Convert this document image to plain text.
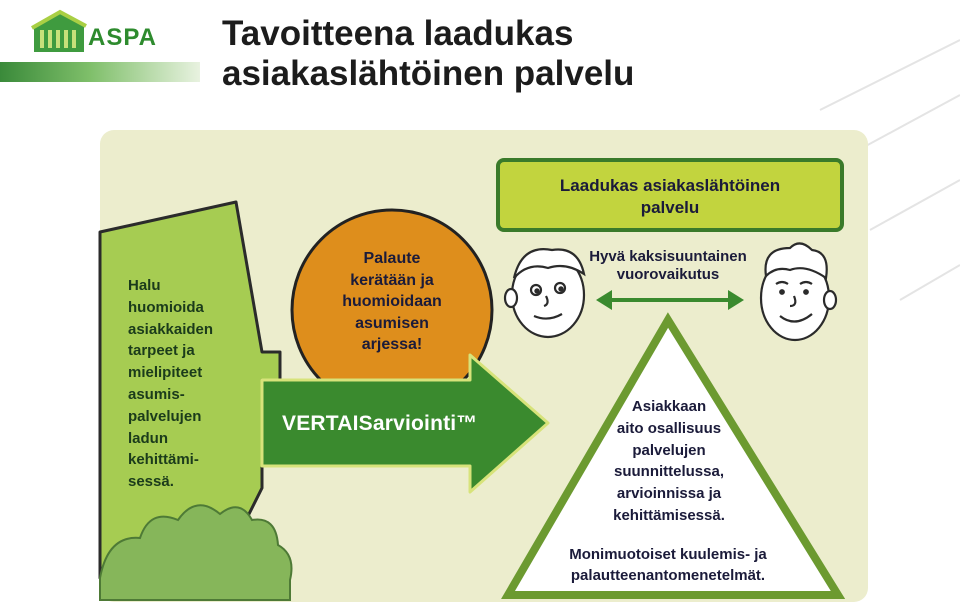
ASPA Tavoitteena laadukas
asiakaslähtöinen palvelu

Halu
huomioida
asiakkaiden
tarpeet ja
mielipiteet
asumis-
palvelujen
ladun
kehittämi-
sessä.

Palaute
kerätään ja
huomioidaan
asumisen
arjessa!

VERTAISarviointi™

Laadukas asiakaslähtöinen
palvelu

Hyvä kaksisuuntainen
vuorovaikutus

Asiakkaan
aito osallisuus
palvelujen
suunnittelussa,
arvioinnissa ja
kehittämisessä.

Monimuotoiset kuulemis- ja
palautteenantomenetelmät.
